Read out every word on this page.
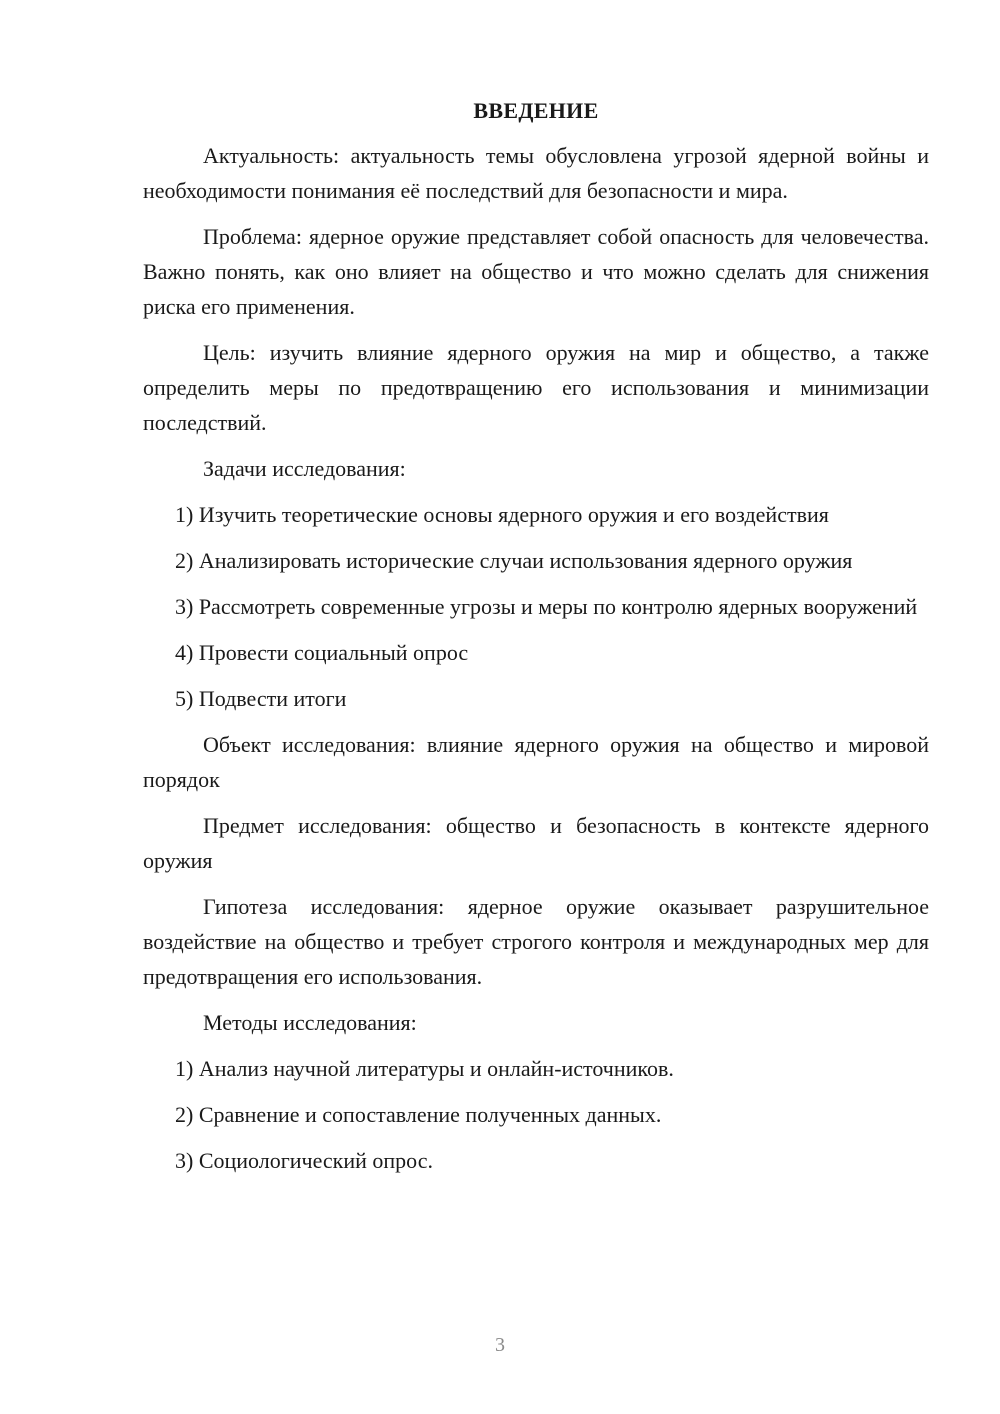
ВВЕДЕНИЕ

Актуальность: актуальность темы обусловлена угрозой ядерной войны и необходимости понимания её последствий для безопасности и мира.

Проблема: ядерное оружие представляет собой опасность для человечества. Важно понять, как оно влияет на общество и что можно сделать для снижения риска его применения.

Цель: изучить влияние ядерного оружия на мир и общество, а также определить меры по предотвращению его использования и минимизации последствий.

Задачи исследования:

1) Изучить теоретические основы ядерного оружия и его воздействия

2) Анализировать исторические случаи использования ядерного оружия

3) Рассмотреть современные угрозы и меры по контролю ядерных вооружений

4) Провести социальный опрос

5) Подвести итоги

Объект исследования: влияние ядерного оружия на общество и мировой порядок

Предмет исследования: общество и безопасность в контексте ядерного оружия

Гипотеза исследования: ядерное оружие оказывает разрушительное воздействие на общество и требует строгого контроля и международных мер для предотвращения его использования.

Методы исследования:

1) Анализ научной литературы и онлайн-источников.

2) Сравнение и сопоставление полученных данных.

3) Социологический опрос.

3
